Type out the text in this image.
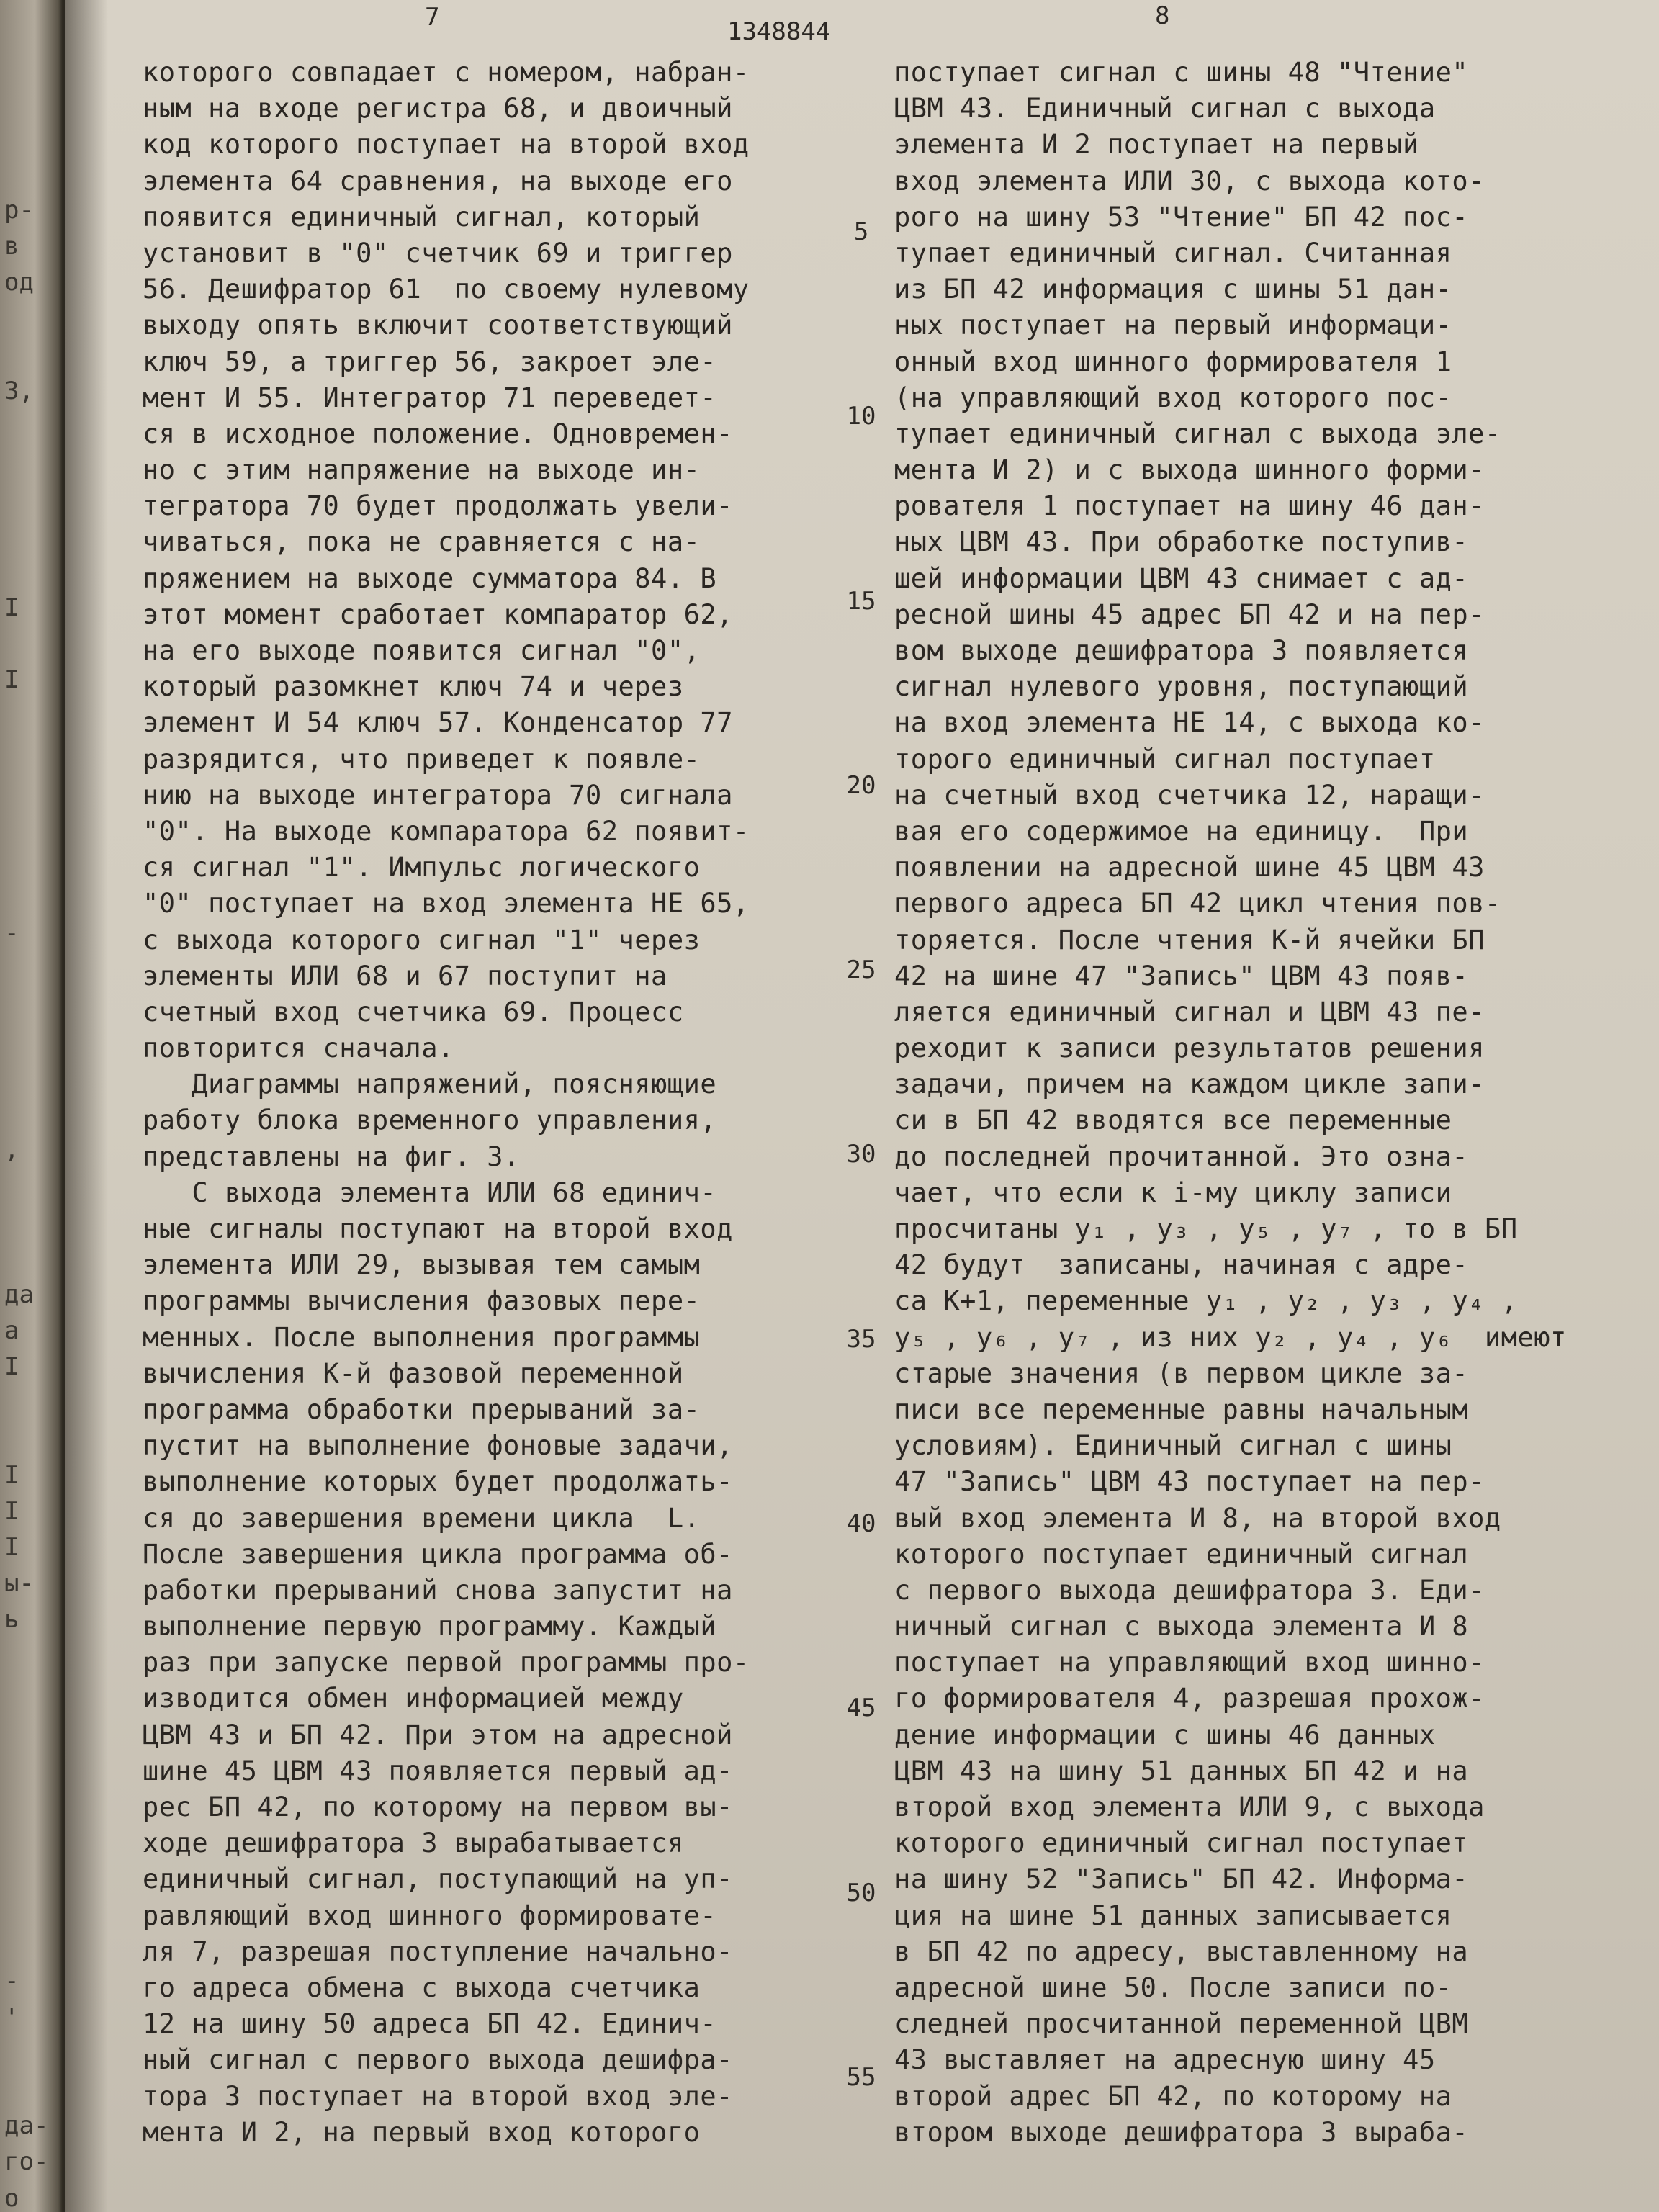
р-
в
од
3,
I
I
-
,
да
а
I
I
I
I
ы-
ь
-
'
да-
го-
о
7	1348844
8
5
10
15
20
25
30
35
40
45
50
55
которого совпадает с номером, набран-
ным на входе регистра 68, и двоичный
код которого поступает на второй вход
элемента 64 сравнения, на выходе его
появится единичный сигнал, который
установит в "0" счетчик 69 и триггер
56. Дешифратор 61  по своему нулевому
выходу опять включит соответствующий
ключ 59, а триггер 56, закроет эле-
мент И 55. Интегратор 71 переведет-
ся в исходное положение. Одновремен-
но с этим напряжение на выходе ин-
тегратора 70 будет продолжать увели-
чиваться, пока не сравняется с на-
пряжением на выходе сумматора 84. В
этот момент сработает компаратор 62,
на его выходе появится сигнал "0",
который разомкнет ключ 74 и через
элемент И 54 ключ 57. Конденсатор 77
разрядится, что приведет к появле-
нию на выходе интегратора 70 сигнала
"0". На выходе компаратора 62 появит-
ся сигнал "1". Импульс логического
"0" поступает на вход элемента НЕ 65,
с выхода которого сигнал "1" через
элементы ИЛИ 68 и 67 поступит на
счетный вход счетчика 69. Процесс
повторится сначала.
Диаграммы напряжений, поясняющие
работу блока временного управления,
представлены на фиг. 3.
С выхода элемента ИЛИ 68 единич-
ные сигналы поступают на второй вход
элемента ИЛИ 29, вызывая тем самым
программы вычисления фазовых пере-
менных. После выполнения программы
вычисления К-й фазовой переменной
программа обработки прерываний за-
пустит на выполнение фоновые задачи,
выполнение которых будет продолжать-
ся до завершения времени цикла  L.
После завершения цикла программа об-
работки прерываний снова запустит на
выполнение первую программу. Каждый
раз при запуске первой программы про-
изводится обмен информацией между
ЦВМ 43 и БП 42. При этом на адресной
шине 45 ЦВМ 43 появляется первый ад-
рес БП 42, по которому на первом вы-
ходе дешифратора 3 вырабатывается
единичный сигнал, поступающий на уп-
равляющий вход шинного формировате-
ля 7, разрешая поступление начально-
го адреса обмена с выхода счетчика
12 на шину 50 адреса БП 42. Единич-
ный сигнал с первого выхода дешифра-
тора 3 поступает на второй вход эле-
мента И 2, на первый вход которого
поступает сигнал с шины 48 "Чтение"
ЦВМ 43. Единичный сигнал с выхода
элемента И 2 поступает на первый
вход элемента ИЛИ 30, с выхода кото-
рого на шину 53 "Чтение" БП 42 пос-
тупает единичный сигнал. Считанная
из БП 42 информация с шины 51 дан-
ных поступает на первый информаци-
онный вход шинного формирователя 1
(на управляющий вход которого пос-
тупает единичный сигнал с выхода эле-
мента И 2) и с выхода шинного форми-
рователя 1 поступает на шину 46 дан-
ных ЦВМ 43. При обработке поступив-
шей информации ЦВМ 43 снимает с ад-
ресной шины 45 адрес БП 42 и на пер-
вом выходе дешифратора 3 появляется
сигнал нулевого уровня, поступающий
на вход элемента НЕ 14, с выхода ко-
торого единичный сигнал поступает
на счетный вход счетчика 12, наращи-
вая его содержимое на единицу.  При
появлении на адресной шине 45 ЦВМ 43
первого адреса БП 42 цикл чтения пов-
торяется. После чтения К-й ячейки БП
42 на шине 47 "Запись" ЦВМ 43 появ-
ляется единичный сигнал и ЦВМ 43 пе-
реходит к записи результатов решения
задачи, причем на каждом цикле запи-
си в БП 42 вводятся все переменные
до последней прочитанной. Это озна-
чает, что если к i-му циклу записи
просчитаны y₁ , y₃ , y₅ , y₇ , то в БП
42 будут  записаны, начиная с адре-
са К+1, переменные y₁ , y₂ , y₃ , y₄ ,
y₅ , y₆ , y₇ , из них y₂ , y₄ , y₆  имеют
старые значения (в первом цикле за-
писи все переменные равны начальным
условиям). Единичный сигнал с шины
47 "Запись" ЦВМ 43 поступает на пер-
вый вход элемента И 8, на второй вход
которого поступает единичный сигнал
с первого выхода дешифратора 3. Еди-
ничный сигнал с выхода элемента И 8
поступает на управляющий вход шинно-
го формирователя 4, разрешая прохож-
дение информации с шины 46 данных
ЦВМ 43 на шину 51 данных БП 42 и на
второй вход элемента ИЛИ 9, с выхода
которого единичный сигнал поступает
на шину 52 "Запись" БП 42. Информа-
ция на шине 51 данных записывается
в БП 42 по адресу, выставленному на
адресной шине 50. После записи по-
следней просчитанной переменной ЦВМ
43 выставляет на адресную шину 45
второй адрес БП 42, по которому на
втором выходе дешифратора 3 выраба-
